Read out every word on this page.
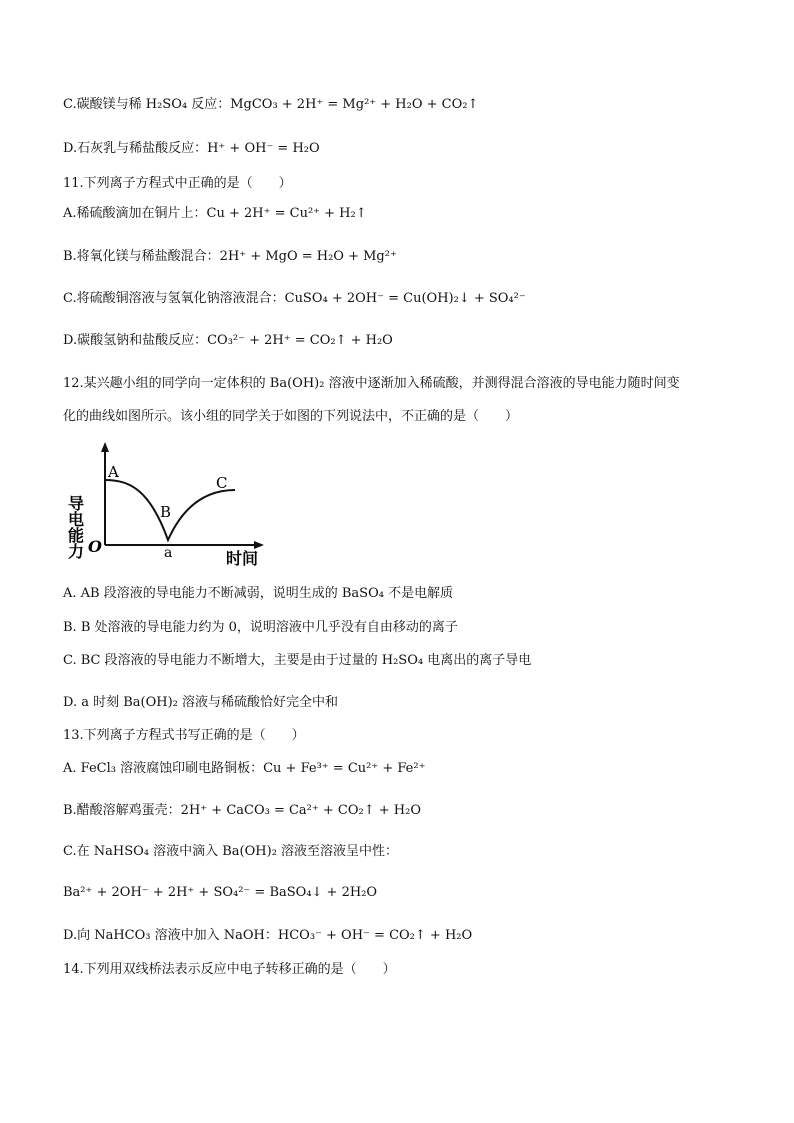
C.碳酸镁与稀 H₂SO₄ 反应：MgCO₃ + 2H⁺ = Mg²⁺ + H₂O + CO₂↑
D.石灰乳与稀盐酸反应：H⁺ + OH⁻ = H₂O
11.下列离子方程式中正确的是（　　）
A.稀硫酸滴加在铜片上：Cu + 2H⁺ = Cu²⁺ + H₂↑
B.将氧化镁与稀盐酸混合：2H⁺ + MgO = H₂O + Mg²⁺
C.将硫酸铜溶液与氢氧化钠溶液混合：CuSO₄ + 2OH⁻ = Cu(OH)₂↓ + SO₄²⁻
D.碳酸氢钠和盐酸反应：CO₃²⁻ + 2H⁺ = CO₂↑ + H₂O
12.某兴趣小组的同学向一定体积的 Ba(OH)₂ 溶液中逐渐加入稀硫酸，并测得混合溶液的导电能力随时间变
化的曲线如图所示。该小组的同学关于如图的下列说法中，不正确的是（　　）
导电能力	时间
O
A
B
C
a
A. AB 段溶液的导电能力不断减弱，说明生成的 BaSO₄ 不是电解质
B. B 处溶液的导电能力约为 0，说明溶液中几乎没有自由移动的离子
C. BC 段溶液的导电能力不断增大，主要是由于过量的 H₂SO₄ 电离出的离子导电
D. a 时刻 Ba(OH)₂ 溶液与稀硫酸恰好完全中和
13.下列离子方程式书写正确的是（　　）
A. FeCl₃ 溶液腐蚀印刷电路铜板：Cu + Fe³⁺ = Cu²⁺ + Fe²⁺
B.醋酸溶解鸡蛋壳：2H⁺ + CaCO₃ = Ca²⁺ + CO₂↑ + H₂O
C.在 NaHSO₄ 溶液中滴入 Ba(OH)₂ 溶液至溶液呈中性：
Ba²⁺ + 2OH⁻ + 2H⁺ + SO₄²⁻ = BaSO₄↓ + 2H₂O
D.向 NaHCO₃ 溶液中加入 NaOH：HCO₃⁻ + OH⁻ = CO₂↑ + H₂O
14.下列用双线桥法表示反应中电子转移正确的是（　　）
